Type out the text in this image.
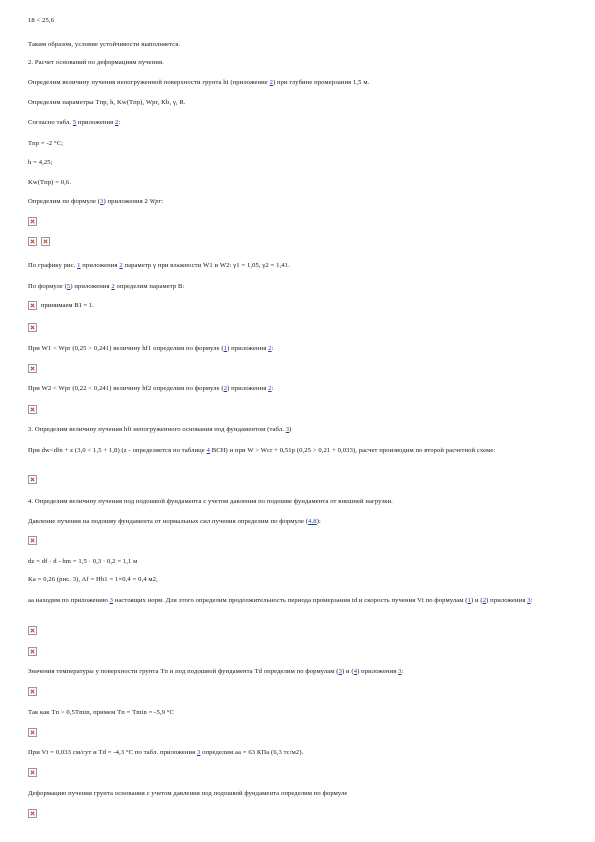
18 < 25,6
Таким образом, условие устойчивости выполняется.
2. Расчет оснований по деформациям пучения.
Определим величину пучения непогруженной поверхности грунта hi (приложение 2) при глубине промерзания 1,5 м.
Определим параметры Tпр, h, Kw(Tпр), Wpr, Kb, γ, R.
Согласно табл. 5 приложения 2:
Tпр = -2 °С;
h = 4,25;
Kw(Tпр) = 0,6.
Определим по формуле (3) приложения 2 Wpr:
По графику рис. 1 приложения 2 параметр γ при влажности W1 и W2: γ1 = 1,05, γ2 = 1,41.
По формуле (5) приложения 2 определим параметр B:
принимаем B1 = 1.
При W1 < Wpr (0,25 > 0,241) величину hf1 определим по формуле (1) приложения 2:
При W2 < Wpr (0,22 < 0,241) величину hf2 определим по формуле (2) приложения 2:
3. Определим величину пучения hfi непогруженного основания под фундаментом (табл. 3)
При dw<dfn + z (3,0 < 1,5 + 1,8) (z - определяется по таблице 4 ВСН) и при W > Wcr + 0,51p (0,25 > 0,21 + 0,033), расчет производим по второй расчетной схеме:
4. Определим величину пучения под подошвой фундамента с учетом давления по подошве фундамента от внешней нагрузки.
Давление пучения на подошву фундамента от нормальных сил пучения определим по формуле (4.8):
dz = df · d - hm = 1,5 · 0,3 · 0,2 = 1,1 м
Ka = 0,26 (рис. 3), Af = Hb1 = 1×0,4 = 0,4 м2,
aa находим по приложению 3 настоящих норм. Для этого определим продолжительность периода промерзания td и скорость пучения Vt по формулам (1) и (2) приложения 3:
Значения температуры у поверхности грунта Tп и под подошвой фундамента Td определим по формулам (3) и (4) приложения 3:
Так как Tп > 0,5Tmin, примем Tп = Tmin = -5,9 °С
При Vt = 0,033 см/сут и Td = -4,3 °С по табл. приложения 3 определим aa = 63 КПа (6,3 тс/м2).
Деформацию пучения грунта основания с учетом давления под подошвой фундамента определим по формуле
